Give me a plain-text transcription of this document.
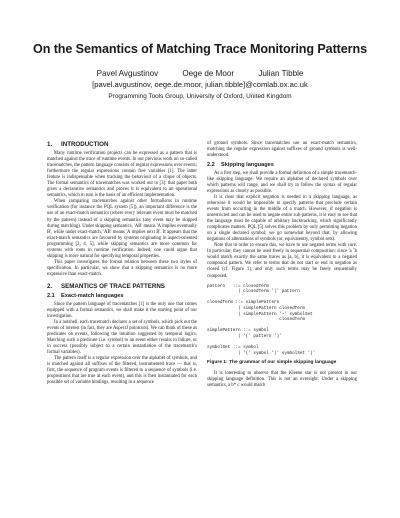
On the Semantics of Matching Trace Monitoring Patterns
Pavel Avgustinov	Oege de Moor	Julian Tibble
[pavel.avgustinov, oege.de.moor, julian.tibble]@comlab.ox.ac.uk
Programming Tools Group, University of Oxford, United Kingdom
1. INTRODUCTION

Many runtime verification projects can be expressed as a pattern that is matched against the trace of runtime events. In our previous work on so-called tracematches, the pattern language consists of regular expressions over events; furthermore the regular expressions contain free variables [1]. The latter feature is indispensable when tracking the behaviour of a clique of objects. The formal semantics of tracematches was worked out in [3]: that paper both gives a declarative semantics and proves it is equivalent to an operational semantics, which in turn is the basis of an efficient implementation.

When comparing tracematches against other formalisms in runtime verification (for instance the PQL system [5]), an important difference is the use of an exact-match semantics (where every relevant event must be matched by the pattern) instead of a skipping semantics (any event may be skipped during matching). Under skipping semantics, 'AB' means 'A implies eventually B', while under exact-match, 'AB' means 'A implies next B'. It appears that the exact-match semantics are favoured by systems originating in aspect-oriented programming [2, 4, 5], while skipping semantics are more common for systems with roots in runtime verification. Indeed, one could argue that skipping is more natural for specifying temporal properties.

This paper investigates the formal relation between these two styles of specification. In particular, we show that a skipping semantics is no more expressive than exact-match.

2. SEMANTICS OF TRACE PATTERNS
2.1 Exact-match languages

Since the pattern language of tracematches [1] is the only one that comes equipped with a formal semantics, we shall make it the starting point of our investigation.

In a nutshell, each tracematch declares a set of symbols, which pick out the events of interest (in fact, they are AspectJ pointcuts). We can think of these as predicates on events, following the intuition suggested by temporal logics. Matching such a predicate (i.e. symbol) to an event either results in failure, or in success (possibly subject to a certain instantiation of the tracematch's formal variables).

The pattern itself is a regular expression over the alphabet of symbols, and is matched against all suffixes of the filtered, instrumented trace — that is, first, the sequence of program events is filtered to a sequence of symbols (i.e. propositions that are true at each event), and this is then instantiated for each possible set of variable bindings, resulting in a sequence

of ground symbols. Since tracematches use an exact-match semantics, matching the regular expression against suffixes of ground symbols is well-understood.

2.2 Skipping languages

As a first step, we shall provide a formal definition of a simple tracematch-like skipping language. We require an alphabet of declared symbols over which patterns will range, and we shall try to follow the syntax of regular expressions as closely as possible.

It is clear that explicit negation is needed in a skipping language, as otherwise it would be impossible to specify patterns that preclude certain events from occurring in the middle of a match. However, if negation is unrestricted and can be used to negate entire sub-patterns, it is easy to see that the language must be capable of arbitrary backtracking, which significantly complicates matters. PQL [5] solves this problem by only permitting negation on a single declared symbol; we go somewhat beyond that, by allowing negations of alternations of symbols (or, equivalently, symbol sets).

Note that in order to ensure this, we have to use negated terms with care. In particular, they cannot be used freely in sequential composition: since 'a ˜b would match exactly the same traces as [a, b], it is equivalent to a negated compound pattern. We refer to terms that do not start or end in negation as closed (cf. Figure 1), and only such terms may be freely sequentially composed.

pattern   ::= closedTerm
| closedTerm '|' pattern

closedTerm ::= simplePattern
| simplePattern closedTerm
| simplePattern '~' symbolSet
closedTerm

simplePattern ::= symbol
| '(' pattern ')'

symbolSet ::= symbol
| '(' symbol '|' symbolSet ')'
Figure 1: The grammar of our simple skipping language

It is interesting to observe that the Kleene star is not present in our skipping language definition. This is not an oversight: Under a skipping semantics, a b* c would match
